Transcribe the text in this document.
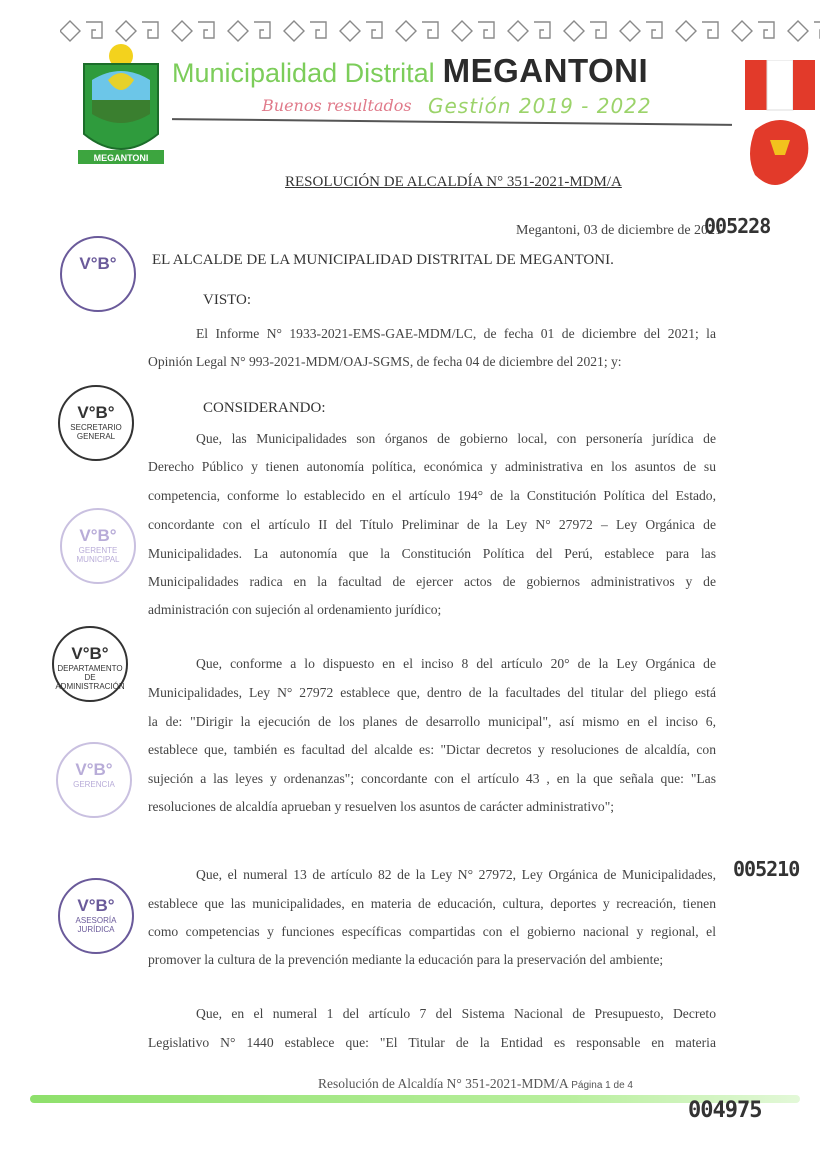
MEGANTONI
Municipalidad Distrital MEGANTONI
Buenos resultados Gestión 2019 - 2022
RESOLUCIÓN DE ALCALDÍA N° 351-2021-MDM/A
Megantoni, 03 de diciembre de 2021
005228
EL ALCALDE DE LA MUNICIPALIDAD DISTRITAL DE MEGANTONI.
VISTO:
El Informe N° 1933-2021-EMS-GAE-MDM/LC, de fecha 01 de diciembre del 2021; la
Opinión Legal N° 993-2021-MDM/OAJ-SGMS, de fecha 04 de diciembre del 2021; y:
CONSIDERANDO:
Que, las Municipalidades son órganos de gobierno local, con personería jurídica de
Derecho Público y tienen autonomía política, económica y administrativa en los asuntos de su
competencia, conforme lo establecido en el artículo 194° de la Constitución Política del Estado,
concordante con el artículo II del Título Preliminar de la Ley N° 27972 – Ley Orgánica de
Municipalidades. La autonomía que la Constitución Política del Perú, establece para las
Municipalidades radica en la facultad de ejercer actos de gobiernos administrativos y de
administración con sujeción al ordenamiento jurídico;
Que, conforme a lo dispuesto en el inciso 8 del artículo 20° de la Ley Orgánica de
Municipalidades, Ley N° 27972 establece que, dentro de la facultades del titular del pliego está
la de: "Dirigir la ejecución de los planes de desarrollo municipal", así mismo en el inciso 6,
establece que, también es facultad del alcalde es: "Dictar decretos y resoluciones de alcaldía, con
sujeción a las leyes y ordenanzas"; concordante con el artículo 43 , en la que señala que: "Las
resoluciones de alcaldía aprueban y resuelven los asuntos de carácter administrativo";
Que, el numeral 13 de artículo 82 de la Ley N° 27972, Ley Orgánica de Municipalidades,
establece que las municipalidades, en materia de educación, cultura, deportes y recreación, tienen
como competencias y funciones específicas compartidas con el gobierno nacional y regional, el
promover la cultura de la prevención mediante la educación para la preservación del ambiente;
Que, en el numeral 1 del artículo 7 del Sistema Nacional de Presupuesto, Decreto
Legislativo N° 1440 establece que: "El Titular de la Entidad es responsable en materia
005210
V°B°
V°B°
SECRETARIO GENERAL
V°B°
GERENTE MUNICIPAL
V°B°
DEPARTAMENTO DE ADMINISTRACIÓN
V°B°
GERENCIA
V°B°
ASESORÍA JURÍDICA
Resolución de Alcaldía N° 351-2021-MDM/A Página 1 de 4
004975
